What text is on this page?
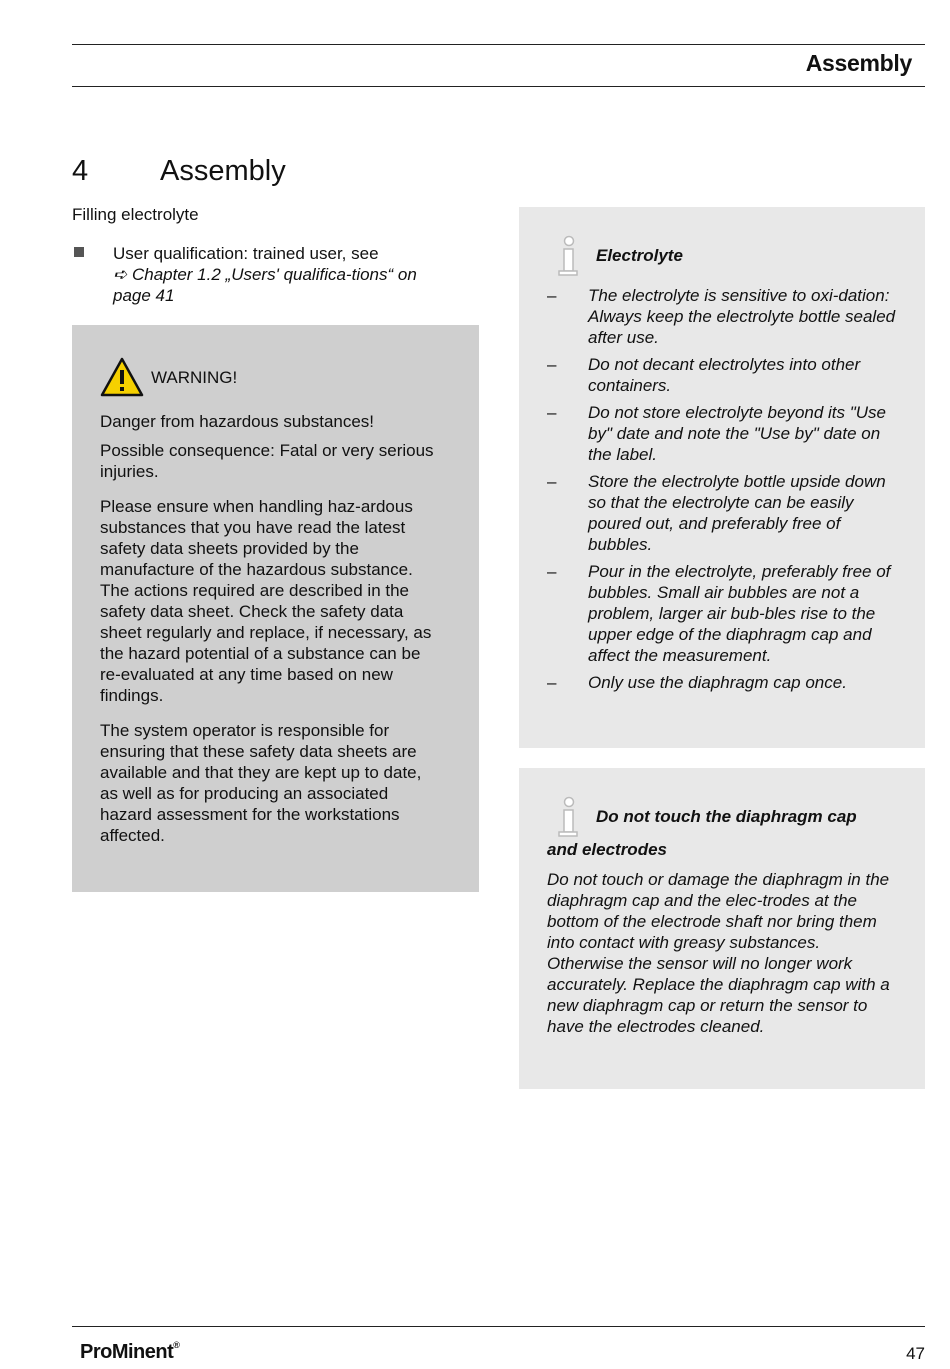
Assembly
4 Assembly
Filling electrolyte
User qualification: trained user, see
➪ Chapter 1.2 „Users' qualifica-tions“ on page 41
WARNING!

Danger from hazardous substances!

Possible consequence: Fatal or very serious injuries.

Please ensure when handling haz-ardous substances that you have read the latest safety data sheets provided by the manufacture of the hazardous substance. The actions required are described in the safety data sheet. Check the safety data sheet regularly and replace, if necessary, as the hazard potential of a substance can be re-evaluated at any time based on new findings.

The system operator is responsible for ensuring that these safety data sheets are available and that they are kept up to date, as well as for producing an associated hazard assessment for the workstations affected.

Electrolyte
– The electrolyte is sensitive to oxi-dation: Always keep the electrolyte bottle sealed after use.
– Do not decant electrolytes into other containers.
– Do not store electrolyte beyond its "Use by" date and note the "Use by" date on the label.
– Store the electrolyte bottle upside down so that the electrolyte can be easily poured out, and preferably free of bubbles.
– Pour in the electrolyte, preferably free of bubbles. Small air bubbles are not a problem, larger air bub-bles rise to the upper edge of the diaphragm cap and affect the measurement.
– Only use the diaphragm cap once.
Do not touch the diaphragm cap
and electrodes
Do not touch or damage the diaphragm in the diaphragm cap and the elec-trodes at the bottom of the electrode shaft nor bring them into contact with greasy substances. Otherwise the sensor will no longer work accurately. Replace the diaphragm cap with a new diaphragm cap or return the sensor to have the electrodes cleaned.
ProMinent®	47
